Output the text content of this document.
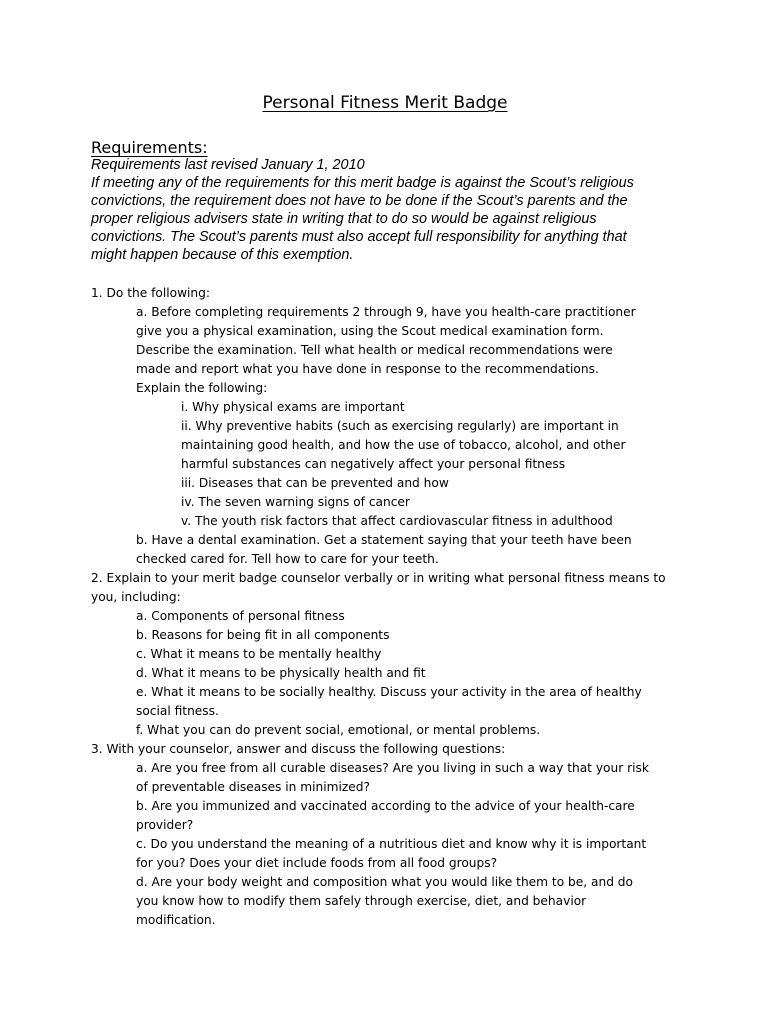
Personal Fitness Merit Badge
Requirements:
Requirements last revised January 1, 2010
If meeting any of the requirements for this merit badge is against the Scout’s religious
convictions, the requirement does not have to be done if the Scout’s parents and the
proper religious advisers state in writing that to do so would be against religious
convictions. The Scout’s parents must also accept full responsibility for anything that
might happen because of this exemption.
1. Do the following:
a. Before completing requirements 2 through 9, have you health-care practitioner
give you a physical examination, using the Scout medical examination form.
Describe the examination. Tell what health or medical recommendations were
made and report what you have done in response to the recommendations.
Explain the following:
i. Why physical exams are important
ii. Why preventive habits (such as exercising regularly) are important in
maintaining good health, and how the use of tobacco, alcohol, and other
harmful substances can negatively affect your personal fitness
iii. Diseases that can be prevented and how
iv. The seven warning signs of cancer
v. The youth risk factors that affect cardiovascular fitness in adulthood
b. Have a dental examination. Get a statement saying that your teeth have been
checked cared for. Tell how to care for your teeth.
2. Explain to your merit badge counselor verbally or in writing what personal fitness means to
you, including:
a. Components of personal fitness
b. Reasons for being fit in all components
c. What it means to be mentally healthy
d. What it means to be physically health and fit
e. What it means to be socially healthy. Discuss your activity in the area of healthy
social fitness.
f. What you can do prevent social, emotional, or mental problems.
3. With your counselor, answer and discuss the following questions:
a. Are you free from all curable diseases? Are you living in such a way that your risk
of preventable diseases in minimized?
b. Are you immunized and vaccinated according to the advice of your health-care
provider?
c. Do you understand the meaning of a nutritious diet and know why it is important
for you? Does your diet include foods from all food groups?
d. Are your body weight and composition what you would like them to be, and do
you know how to modify them safely through exercise, diet, and behavior
modification.
